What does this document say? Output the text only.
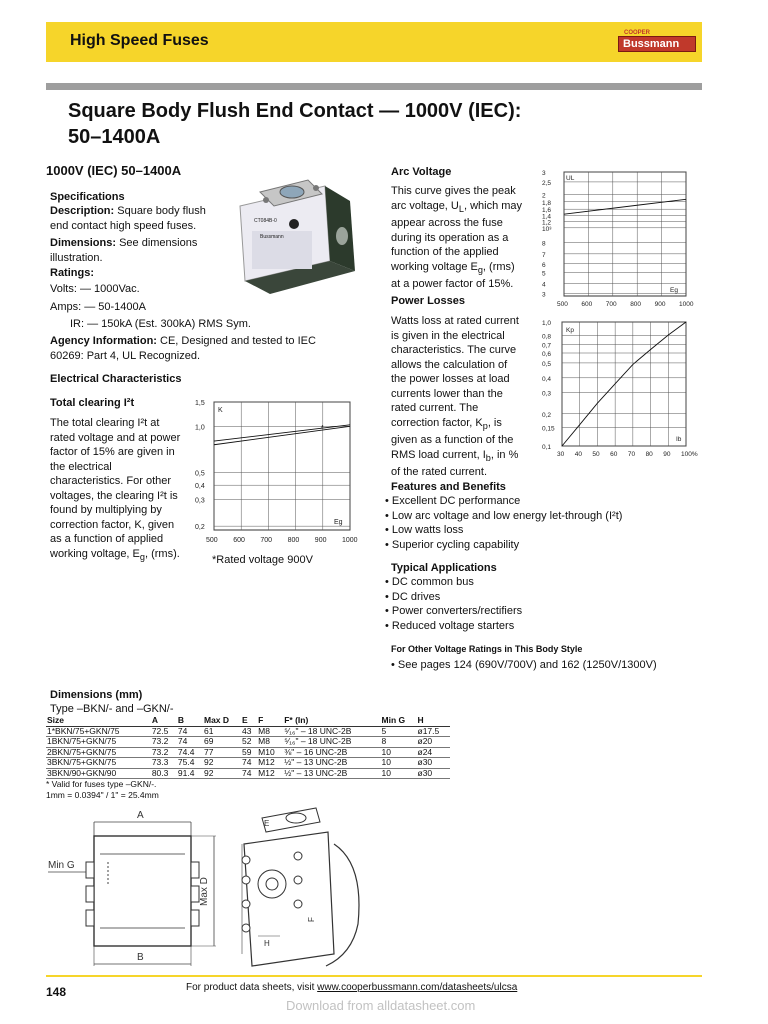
High Speed Fuses	COOPER
Bussmann
Square Body Flush End Contact — 1000V (IEC):
50–1400A
1000V (IEC) 50–1400A
Specifications
Description: Square body flush
end contact high speed fuses.
Dimensions: See dimensions
illustration.
Ratings:
Volts: — 1000Vac.
Amps: — 50-1400A
IR: — 150kA (Est. 300kA) RMS Sym.
Agency Information: CE, Designed and tested to IEC
60269: Part 4, UL Recognized.
Electrical Characteristics
Total clearing I²t
The total clearing I²t at
rated voltage and at power
factor of 15% are given in
the electrical
characteristics. For other
voltages, the clearing I²t is
found by multiplying by
correction factor, K, given
as a function of applied
working voltage, $E_g$, (rms).
*Rated voltage 900V
CT084B-0
Bussmann
1,5
1,0
0,5
0,4
0,3
0,2
500 600 700 800 900 1000
K
Eg
*
Arc Voltage
This curve gives the peak
arc voltage, $U_L$, which may
appear across the fuse
during its operation as a
function of the applied
working voltage $E_g$, (rms)
at a power factor of 15%.
Power Losses
Watts loss at rated current
is given in the electrical
characteristics. The curve
allows the calculation of
the power losses at load
currents lower than the
rated current. The
correction factor, $K_p$, is
given as a function of the
RMS load current, $I_b$, in %
of the rated current.
3
2,5
2
1,8
1,6
1,4
1,2
10³
8
7
6
5
4
3
500 600 700 800 900 1000
UL
Eg
1,0
0,8
0,7
0,6
0,5
0,4
0,3
0,2
0,15
0,1
30 40 50 60 70 80 90 100%
Kp
Ib
Features and Benefits
• Excellent DC performance
• Low arc voltage and low energy let-through (I²t)
• Low watts loss
• Superior cycling capability
Typical Applications
• DC common bus
• DC drives
• Power converters/rectifiers
• Reduced voltage starters
For Other Voltage Ratings in This Body Style
• See pages 124 (690V/700V) and 162 (1250V/1300V)
Dimensions (mm)
Type –BKN/- and –GKN/-
Size	A	B	Max D	E	F	F* (In)	Min G	H
1*BKN/75+GKN/75	72.5	74	61	43	M8	⁵⁄₁₆" – 18 UNC-2B	5	ø17.5
1BKN/75+GKN/75	73.2	74	69	52	M8	⁵⁄₁₆" – 18 UNC-2B	8	ø20
2BKN/75+GKN/75	73.2	74.4	77	59	M10	⅜" – 16 UNC-2B	10	ø24
3BKN/75+GKN/75	73.3	75.4	92	74	M12	½" – 13 UNC-2B	10	ø30
3BKN/90+GKN/90	80.3	91.4	92	74	M12	½" – 13 UNC-2B	10	ø30
* Valid for fuses type –GKN/-.
1mm = 0.0394" / 1" = 25.4mm
A
Min G
Max D
B
E
F
H
148	For product data sheets, visit www.cooperbussmann.com/datasheets/ulcsa
Download from alldatasheet.com
